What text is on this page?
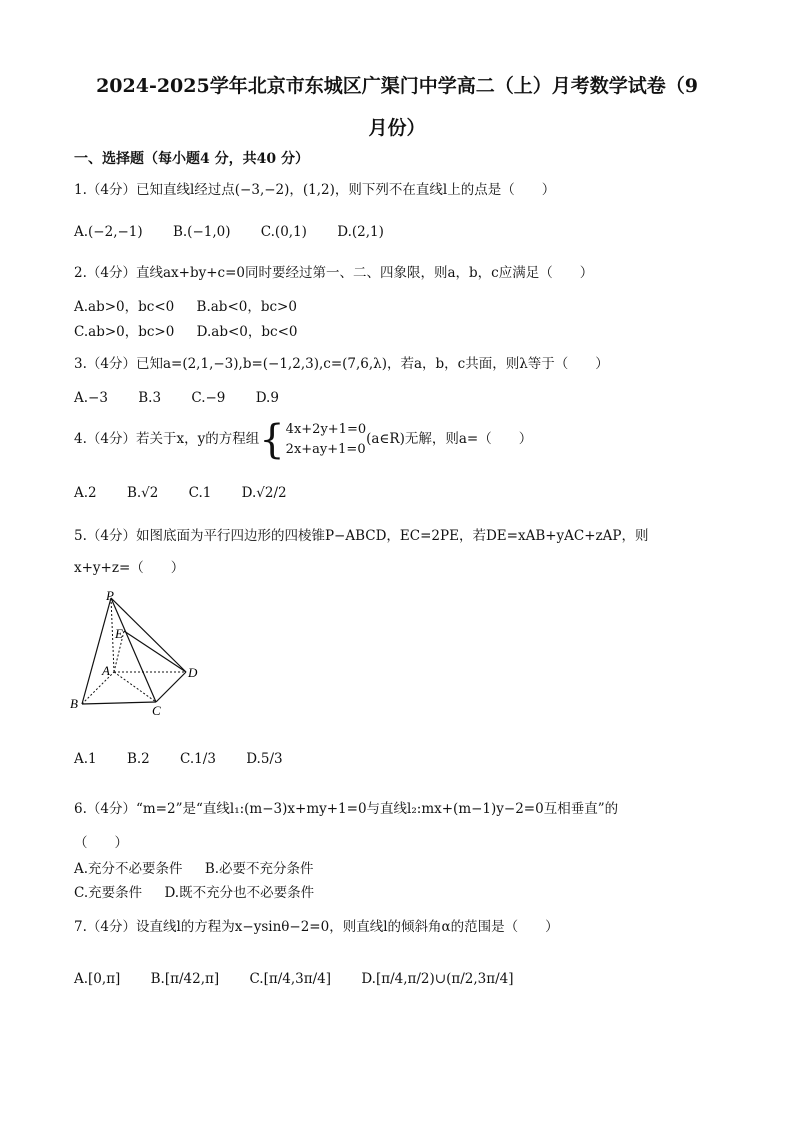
2024-2025学年北京市东城区广渠门中学高二（上）月考数学试卷（9
月份）
一、选择题（每小题4 分，共40 分）
1.（4分）已知直线l经过点(−3,−2)，(1,2)，则下列不在直线l上的点是（　　）
A.(−2,−1) B.(−1,0) C.(0,1) D.(2,1)
2.（4分）直线ax+by+c=0同时要经过第一、二、四象限，则a，b，c应满足（　　）
A.ab>0，bc<0 B.ab<0，bc>0
C.ab>0，bc>0 D.ab<0，bc<0
3.（4分）已知a=(2,1,−3),b=(−1,2,3),c=(7,6,λ)，若a，b，c共面，则λ等于（　　）
A.−3 B.3 C.−9 D.9
4.（4分）若关于x，y的方程组 { 4x+2y+1=0
2x+ay+1=0
(a∈R)无解，则a=（　　）
A.2 B.√2 C.1 D.√2/2
5.（4分）如图底面为平行四边形的四棱锥P−ABCD，EC=2PE，若DE=xAB+yAC+zAP，则
x+y+z=（　　）
P
E
A	D
B	C
A.1 B.2 C.1/3 D.5/3
6.（4分）“m=2”是“直线l₁:(m−3)x+my+1=0与直线l₂:mx+(m−1)y−2=0互相垂直”的
（　　）
A.充分不必要条件 B.必要不充分条件
C.充要条件 D.既不充分也不必要条件
7.（4分）设直线l的方程为x−ysinθ−2=0，则直线l的倾斜角α的范围是（　　）
A.[0,π] B.[π/42,π] C.[π/4,3π/4] D.[π/4,π/2)∪(π/2,3π/4]
